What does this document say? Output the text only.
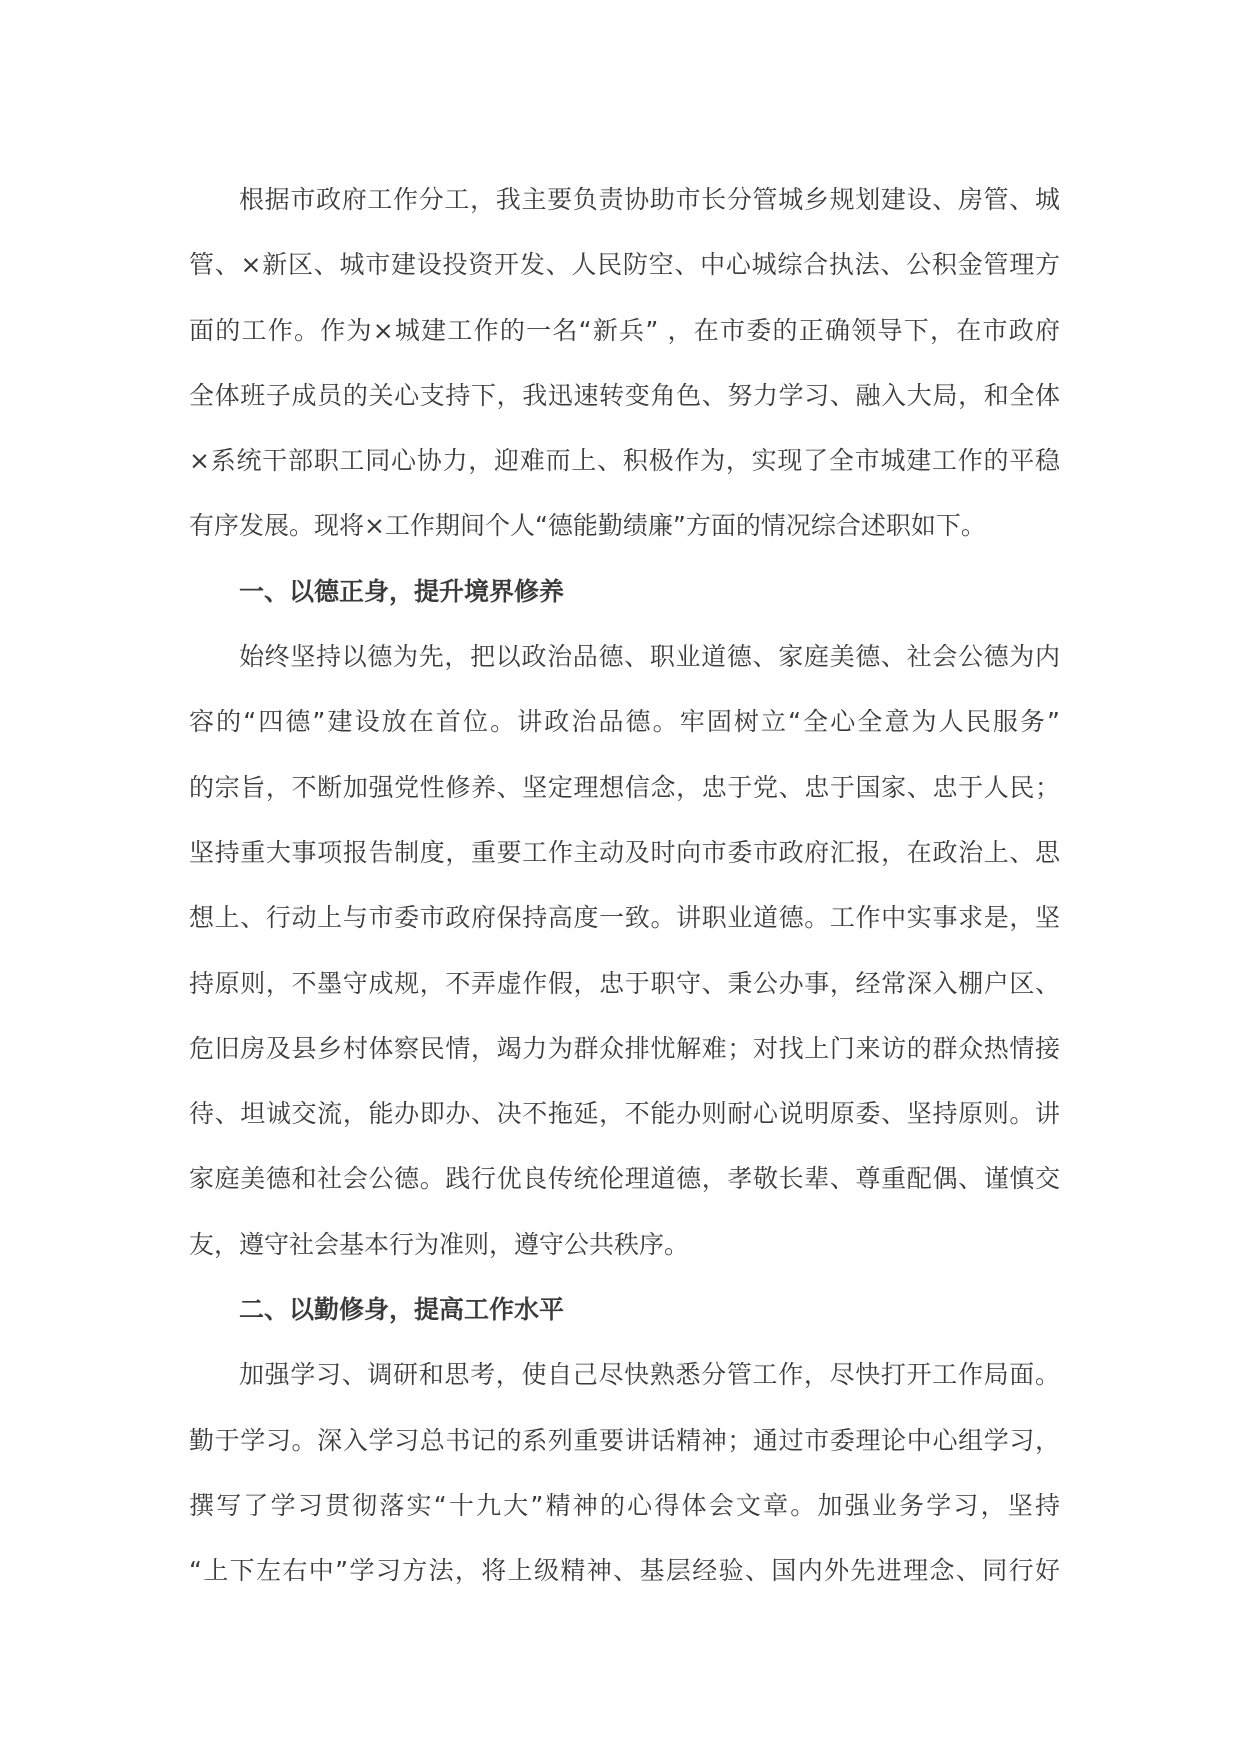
根据市政府工作分工，我主要负责协助市长分管城乡规划建设、房管、城
管、×新区、城市建设投资开发、人民防空、中心城综合执法、公积金管理方
面的工作。作为×城建工作的一名“新兵” ，在市委的正确领导下，在市政府
全体班子成员的关心支持下，我迅速转变角色、努力学习、融入大局，和全体
×系统干部职工同心协力，迎难而上、积极作为，实现了全市城建工作的平稳
有序发展。现将×工作期间个人“德能勤绩廉”方面的情况综合述职如下。
一、以德正身，提升境界修养
始终坚持以德为先，把以政治品德、职业道德、家庭美德、社会公德为内
容的“四德”建设放在首位。讲政治品德。牢固树立“全心全意为人民服务”
的宗旨，不断加强党性修养、坚定理想信念，忠于党、忠于国家、忠于人民；
坚持重大事项报告制度，重要工作主动及时向市委市政府汇报，在政治上、思
想上、行动上与市委市政府保持高度一致。讲职业道德。工作中实事求是，坚
持原则，不墨守成规，不弄虚作假，忠于职守、秉公办事，经常深入棚户区、
危旧房及县乡村体察民情，竭力为群众排忧解难；对找上门来访的群众热情接
待、坦诚交流，能办即办、决不拖延，不能办则耐心说明原委、坚持原则。讲
家庭美德和社会公德。践行优良传统伦理道德，孝敬长辈、尊重配偶、谨慎交
友，遵守社会基本行为准则，遵守公共秩序。
二、以勤修身，提高工作水平
加强学习、调研和思考，使自己尽快熟悉分管工作，尽快打开工作局面。
勤于学习。深入学习总书记的系列重要讲话精神；通过市委理论中心组学习，
撰写了学习贯彻落实“十九大”精神的心得体会文章。加强业务学习，坚持
“上下左右中”学习方法，将上级精神、基层经验、国内外先进理念、同行好
